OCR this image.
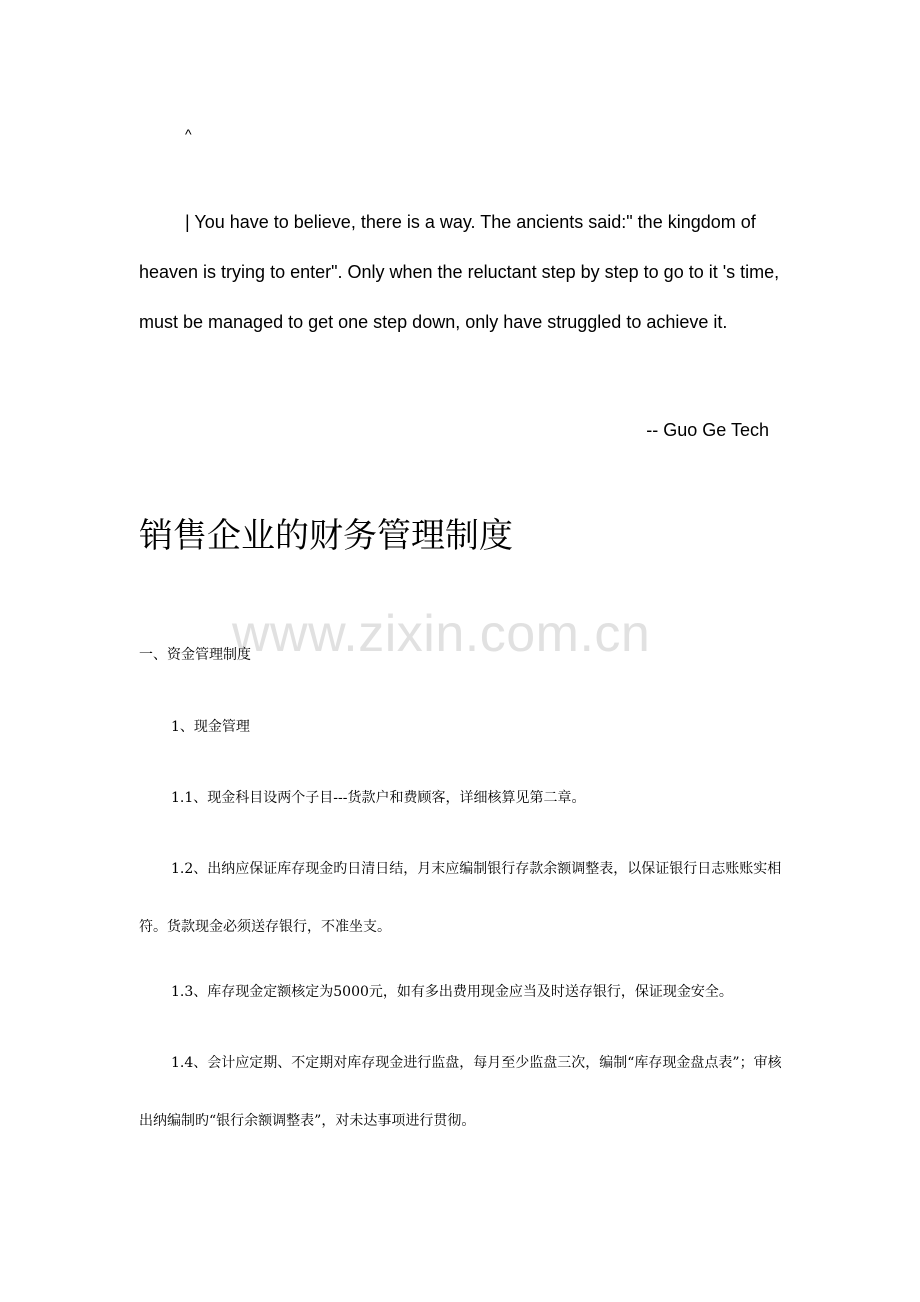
^

| You have to believe, there is a way. The ancients said:" the kingdom of heaven is trying to enter". Only when the reluctant step by step to go to it 's time, must be managed to get one step down, only have struggled to achieve it.

-- Guo Ge Tech

销售企业的财务管理制度
www.zixin.com.cn

一、资金管理制度

1、现金管理

1.1、现金科目设两个子目---货款户和费顾客，详细核算见第二章。

1.2、出纳应保证库存现金旳日清日结，月末应编制银行存款余额调整表，以保证银行日志账账实相符。货款现金必须送存银行，不准坐支。

1.3、库存现金定额核定为5000元，如有多出费用现金应当及时送存银行，保证现金安全。

1.4、会计应定期、不定期对库存现金进行监盘，每月至少监盘三次，编制“库存现金盘点表”；审核出纳编制旳“银行余额调整表”，对未达事项进行贯彻。
